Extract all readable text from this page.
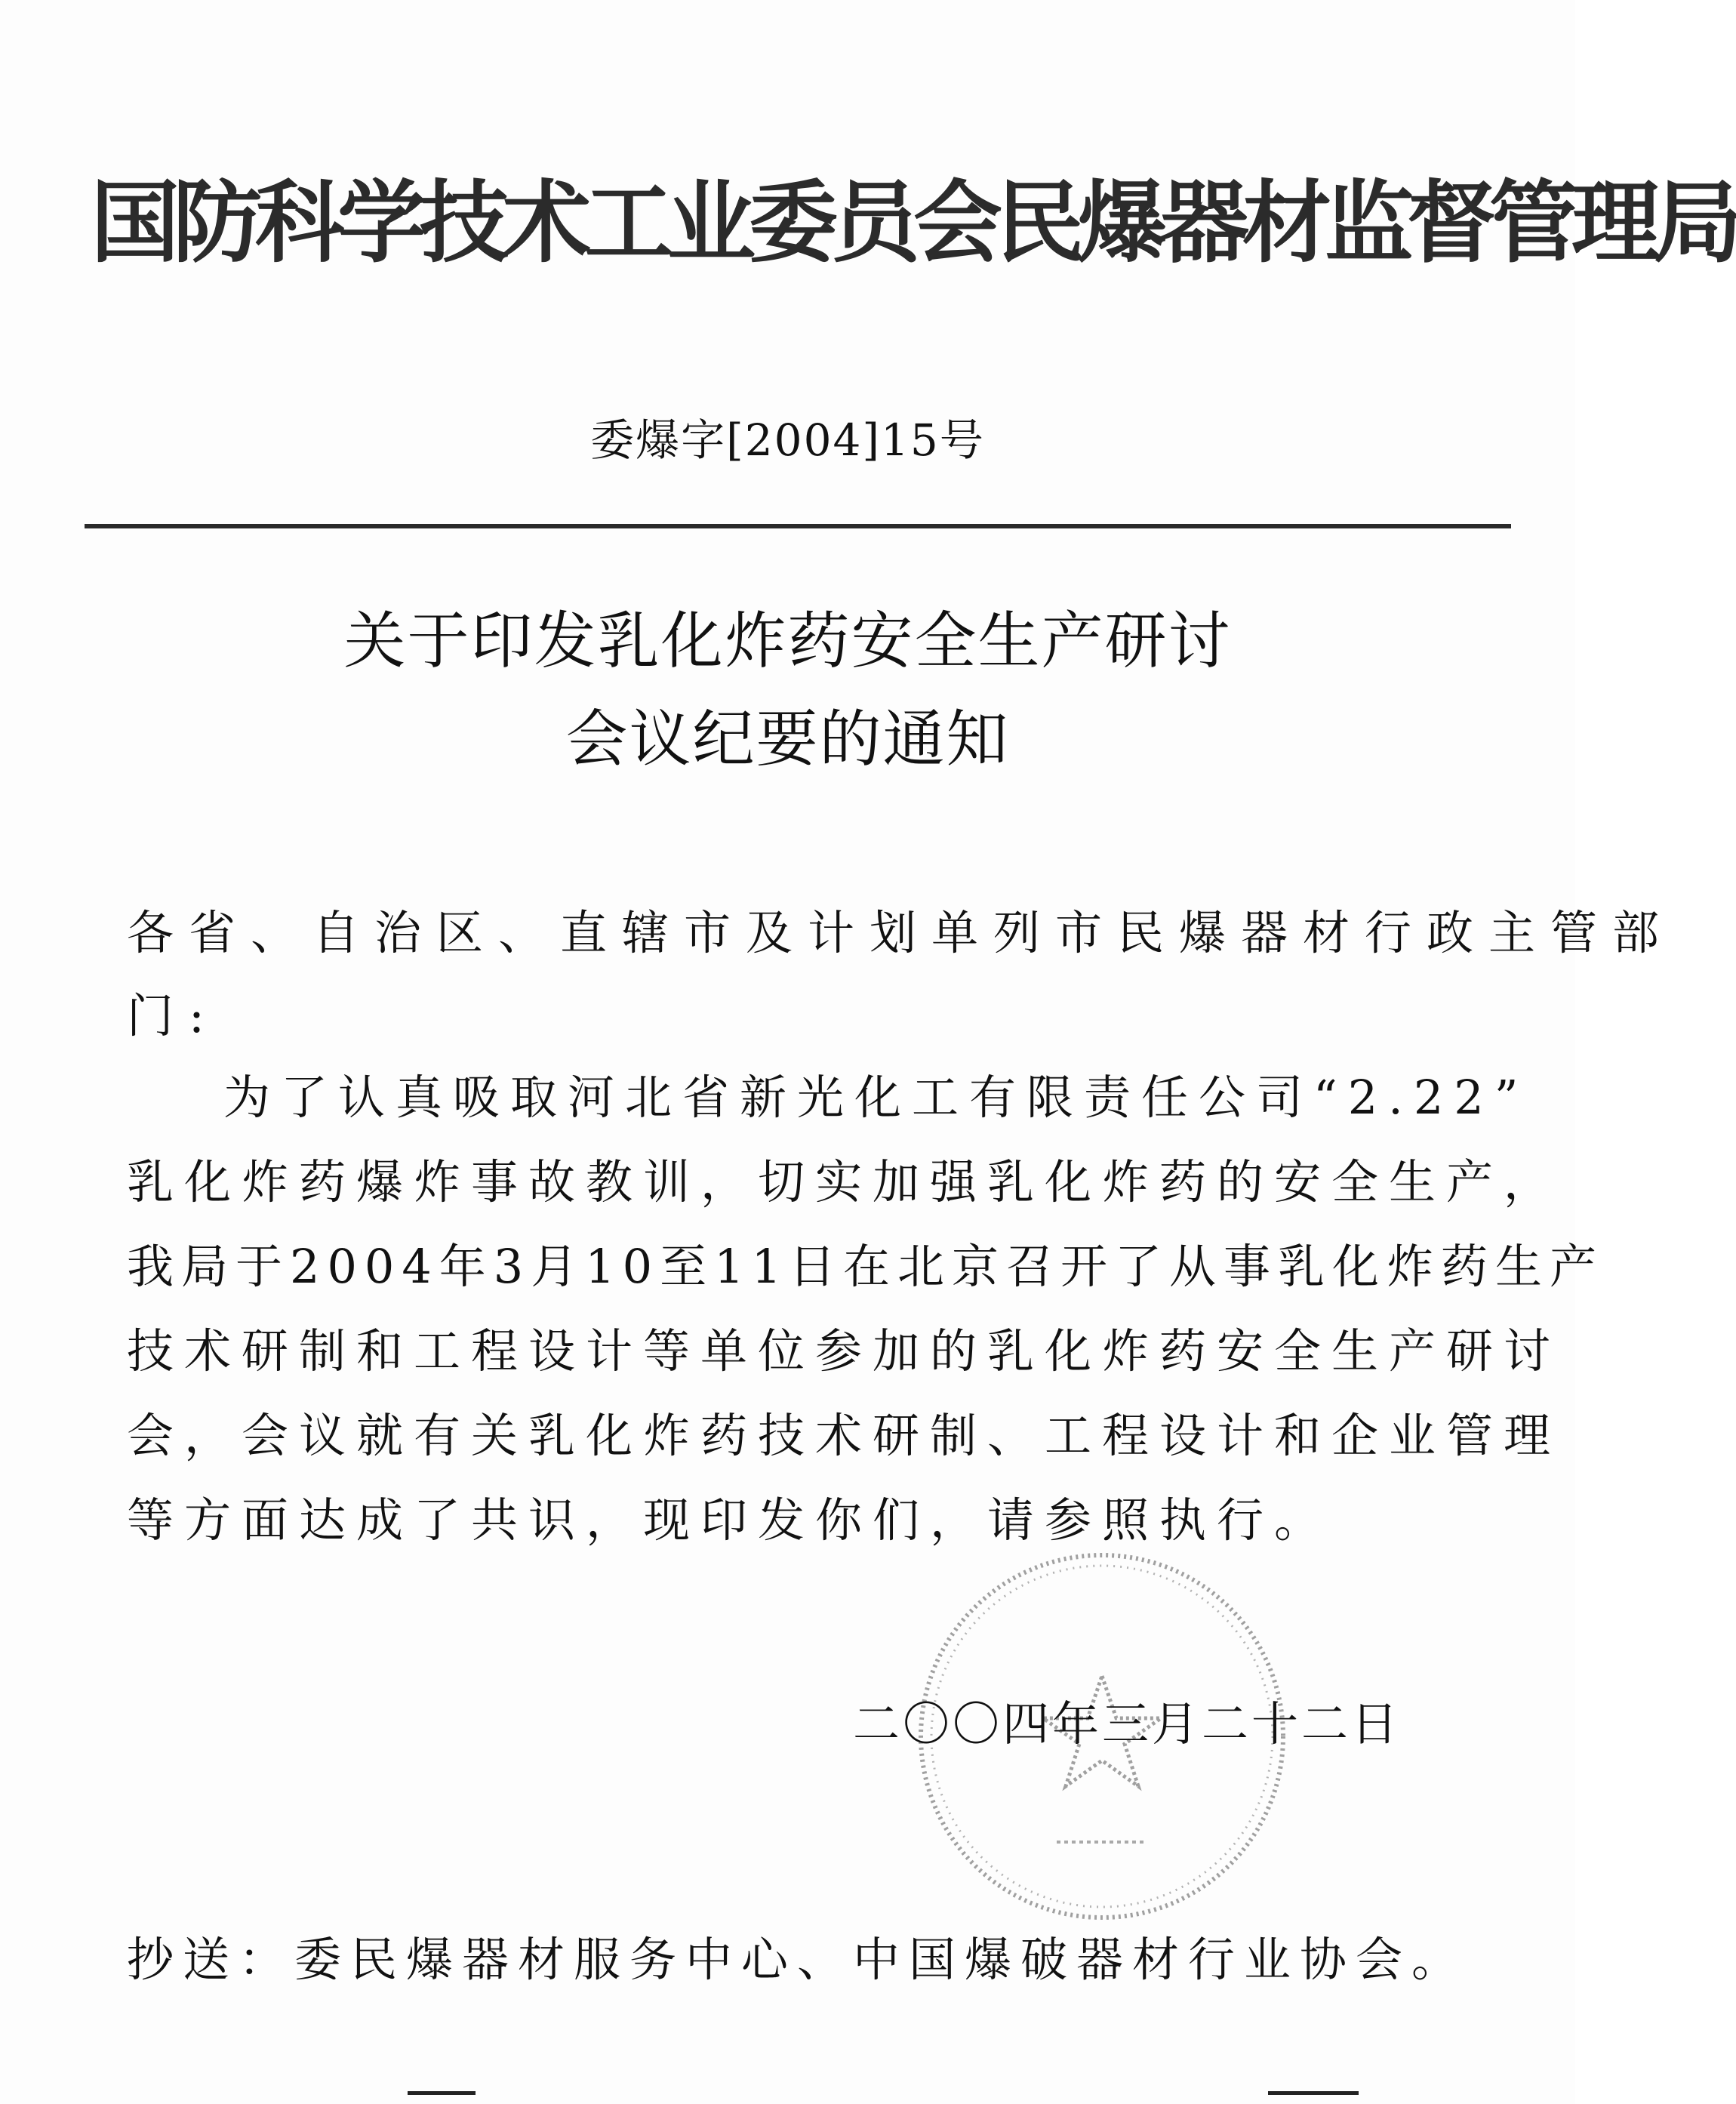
国防科学技术工业委员会民爆器材监督管理局
委爆字[2004]15号
关于印发乳化炸药安全生产研讨
会议纪要的通知
各省、自治区、直辖市及计划单列市民爆器材行政主管部
门:
为了认真吸取河北省新光化工有限责任公司“2.22”
乳化炸药爆炸事故教训，切实加强乳化炸药的安全生产，
我局于2004年3月10至11日在北京召开了从事乳化炸药生产
技术研制和工程设计等单位参加的乳化炸药安全生产研讨
会，会议就有关乳化炸药技术研制、工程设计和企业管理
等方面达成了共识，现印发你们，请参照执行。
二〇〇四年三月二十二日
抄送：委民爆器材服务中心、中国爆破器材行业协会。
